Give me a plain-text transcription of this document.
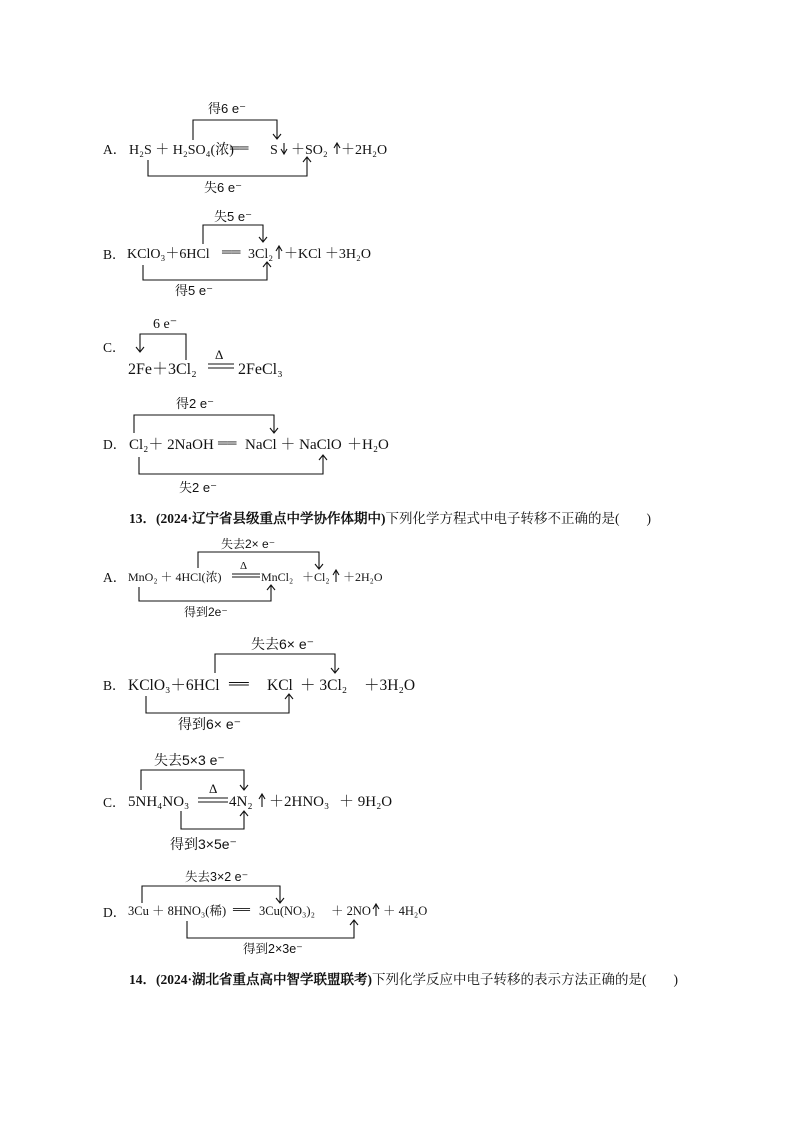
A． H₂S ＋ H₂SO₄(浓)
══ S ＋SO₂ ＋2H₂O
得6 e⁻
失6 e⁻
B． KClO₃＋6HCl ══ 3Cl₂ ＋KCl ＋3H₂O
失5 e⁻
得5 e⁻
C．
6 e⁻
2Fe＋3Cl₂
Δ
2FeCl₃
D． Cl₂＋ 2NaOH ══ NaCl ＋ NaClO ＋H₂O
得2 e⁻
失2 e⁻
A． MnO₂ ＋ 4HCl(浓)
Δ
MnCl₂ ＋Cl₂ ＋2H₂O
失去2× e⁻
得到2e⁻
B． KClO₃＋6HCl ══ KCl ＋ 3Cl₂ ＋3H₂O
失去6× e⁻
得到6× e⁻
C． 5NH₄NO₃
Δ
4N₂ ＋2HNO₃ ＋ 9H₂O
失去5×3 e⁻
得到3×5e⁻
D． 3Cu ＋ 8HNO₃(稀) ══ 3Cu(NO₃)₂ ＋ 2NO ＋ 4H₂O
失去3×2 e⁻
得到2×3e⁻
13．(2024·辽宁省县级重点中学协作体期中)下列化学方程式中电子转移不正确的是(　　)
14．(2024·湖北省重点高中智学联盟联考)下列化学反应中电子转移的表示方法正确的是(　　)
